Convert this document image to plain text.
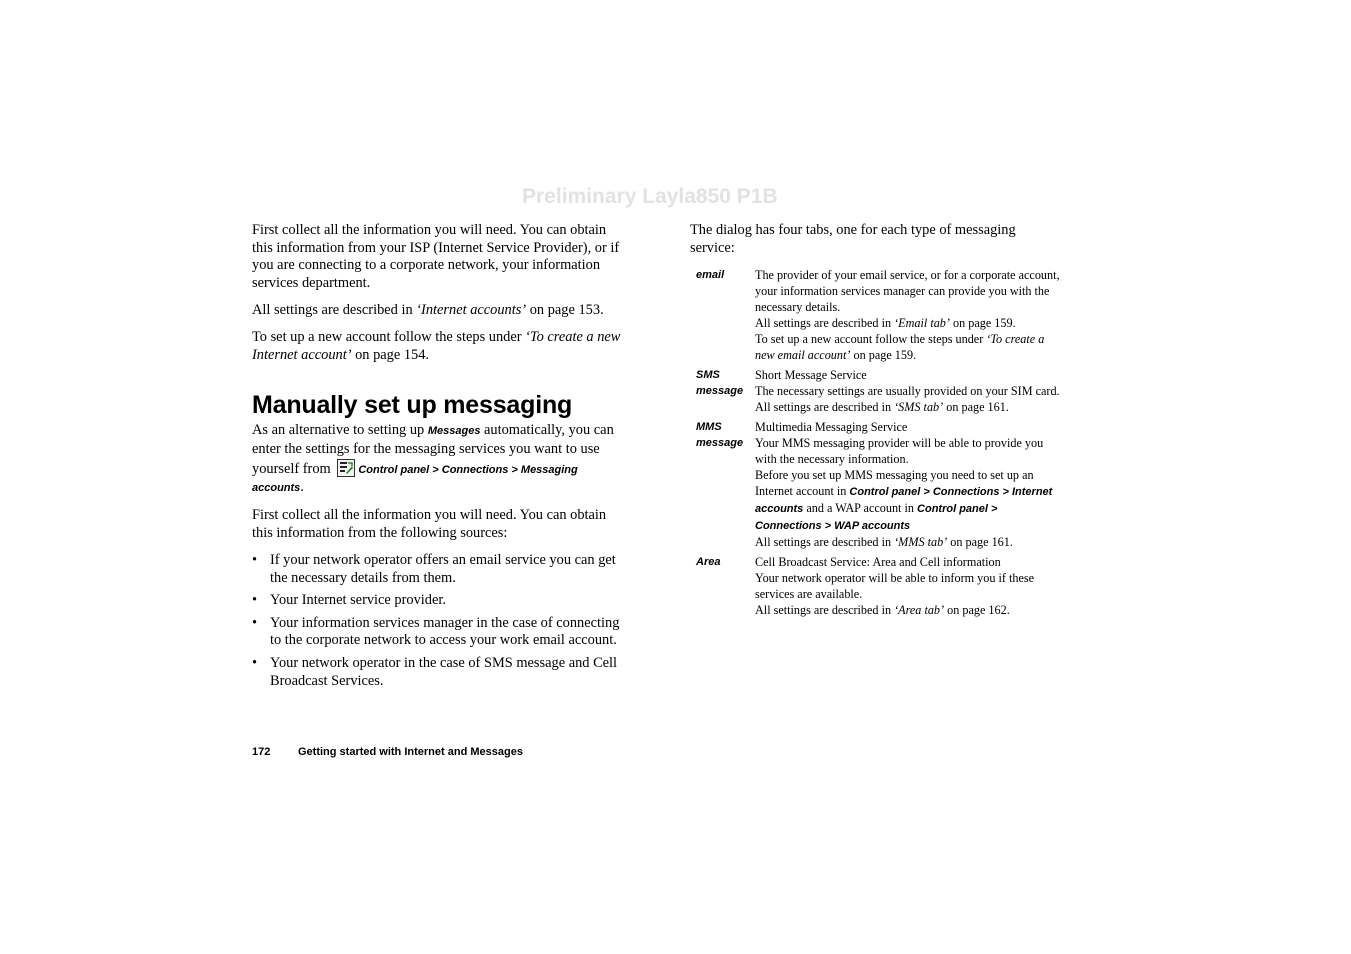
Preliminary Layla850 P1B

First collect all the information you will need. You can obtain this information from your ISP (Internet Service Provider), or if you are connecting to a corporate network, your information services department.

All settings are described in ‘Internet accounts’ on page 153.

To set up a new account follow the steps under ‘To create a new Internet account’ on page 154.

Manually set up messaging

As an alternative to setting up Messages automatically, you can enter the settings for the messaging services you want to use yourself from
Control panel > Connections > Messaging accounts.

First collect all the information you will need. You can obtain this information from the following sources:

• If your network operator offers an email service you can get the necessary details from them.
• Your Internet service provider.
• Your information services manager in the case of connecting to the corporate network to access your work email account.
• Your network operator in the case of SMS message and Cell Broadcast Services.

The dialog has four tabs, one for each type of messaging service:

email	The provider of your email service, or for a corporate account, your information services manager can provide you with the necessary details.
All settings are described in ‘Email tab’ on page 159.
To set up a new account follow the steps under ‘To create a new email account’ on page 159.

SMS
message	Short Message Service
The necessary settings are usually provided on your SIM card.
All settings are described in ‘SMS tab’ on page 161.

MMS
message	Multimedia Messaging Service
Your MMS messaging provider will be able to provide you with the necessary information.
Before you set up MMS messaging you need to set up an Internet account in Control panel > Connections > Internet accounts and a WAP account in Control panel > Connections > WAP accounts
All settings are described in ‘MMS tab’ on page 161.

Area	Cell Broadcast Service: Area and Cell information
Your network operator will be able to inform you if these services are available.
All settings are described in ‘Area tab’ on page 162.
172	Getting started with Internet and Messages
